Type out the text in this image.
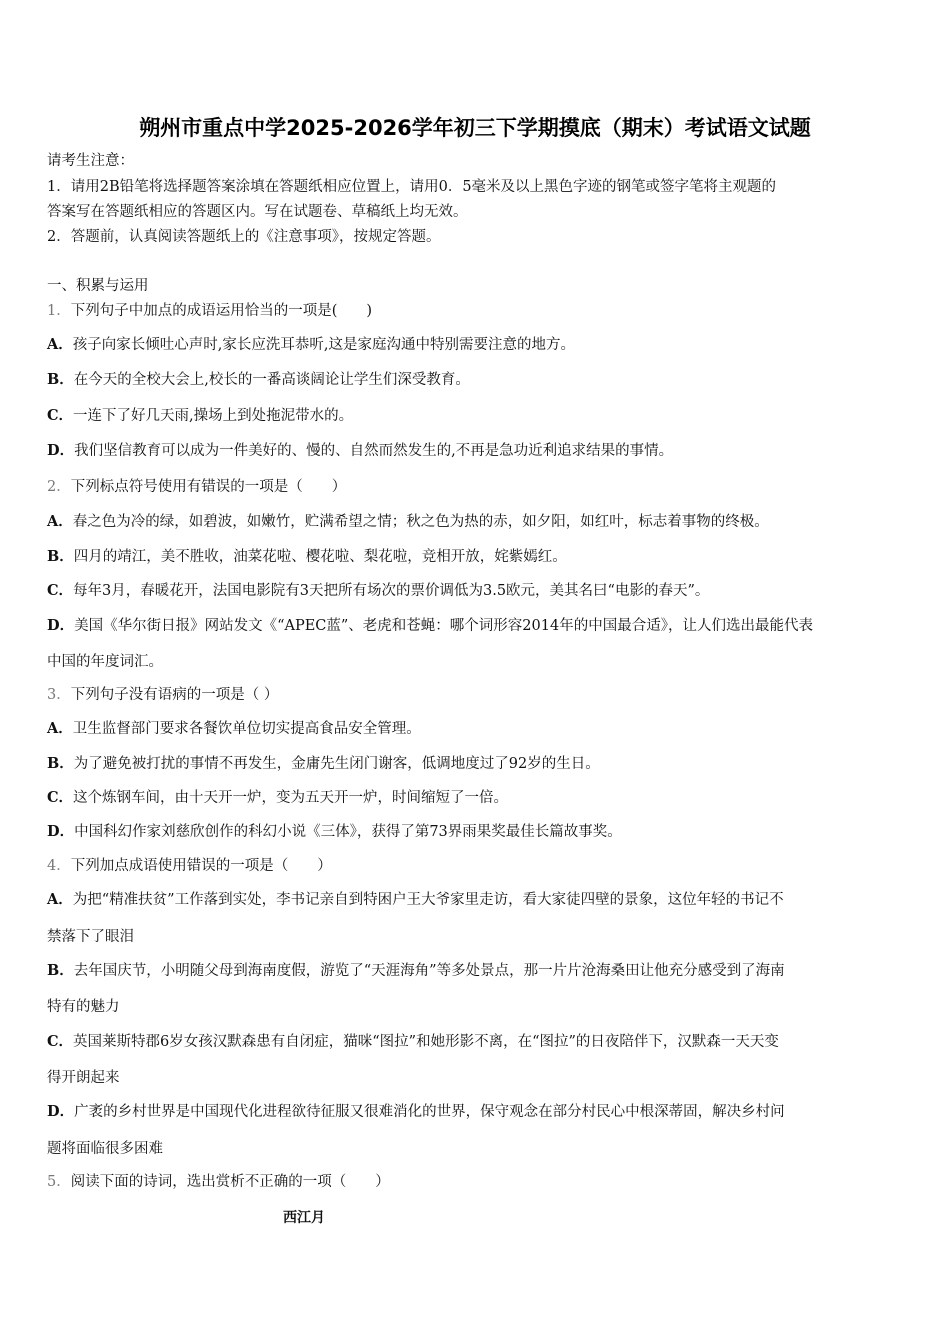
朔州市重点中学2025-2026学年初三下学期摸底（期末）考试语文试题
请考生注意：
1．请用2B铅笔将选择题答案涂填在答题纸相应位置上，请用0．5毫米及以上黑色字迹的钢笔或签字笔将主观题的
答案写在答题纸相应的答题区内。写在试题卷、草稿纸上均无效。
2．答题前，认真阅读答题纸上的《注意事项》，按规定答题。
一、积累与运用
1．下列句子中加点的成语运用恰当的一项是(　　)
A．孩子向家长倾吐心声时,家长应洗耳恭听,这是家庭沟通中特别需要注意的地方。
B．在今天的全校大会上,校长的一番高谈阔论让学生们深受教育。
C．一连下了好几天雨,操场上到处拖泥带水的。
D．我们坚信教育可以成为一件美好的、慢的、自然而然发生的,不再是急功近利追求结果的事情。
2．下列标点符号使用有错误的一项是（　　）
A．春之色为冷的绿，如碧波，如嫩竹，贮满希望之情；秋之色为热的赤，如夕阳，如红叶，标志着事物的终极。
B．四月的靖江，美不胜收，油菜花啦、樱花啦、梨花啦，竞相开放，姹紫嫣红。
C．每年3月，春暖花开，法国电影院有3天把所有场次的票价调低为3.5欧元，美其名曰“电影的春天”。
D．美国《华尔街日报》网站发文《“APEC蓝”、老虎和苍蝇：哪个词形容2014年的中国最合适》，让人们选出最能代表
中国的年度词汇。
3．下列句子没有语病的一项是（ ）
A．卫生监督部门要求各餐饮单位切实提高食品安全管理。
B．为了避免被打扰的事情不再发生，金庸先生闭门谢客，低调地度过了92岁的生日。
C．这个炼钢车间，由十天开一炉，变为五天开一炉，时间缩短了一倍。
D．中国科幻作家刘慈欣创作的科幻小说《三体》，获得了第73界雨果奖最佳长篇故事奖。
4．下列加点成语使用错误的一项是（　　）
A．为把“精准扶贫”工作落到实处，李书记亲自到特困户王大爷家里走访，看大家徒四壁的景象，这位年轻的书记不
禁落下了眼泪
B．去年国庆节，小明随父母到海南度假，游览了“天涯海角”等多处景点，那一片片沧海桑田让他充分感受到了海南
特有的魅力
C．英国莱斯特郡6岁女孩汉默森患有自闭症，猫咪“图拉”和她形影不离，在“图拉”的日夜陪伴下，汉默森一天天变
得开朗起来
D．广袤的乡村世界是中国现代化进程欲待征服又很难消化的世界，保守观念在部分村民心中根深蒂固，解决乡村问
题将面临很多困难
5．阅读下面的诗词，选出赏析不正确的一项（　　）
西江月
